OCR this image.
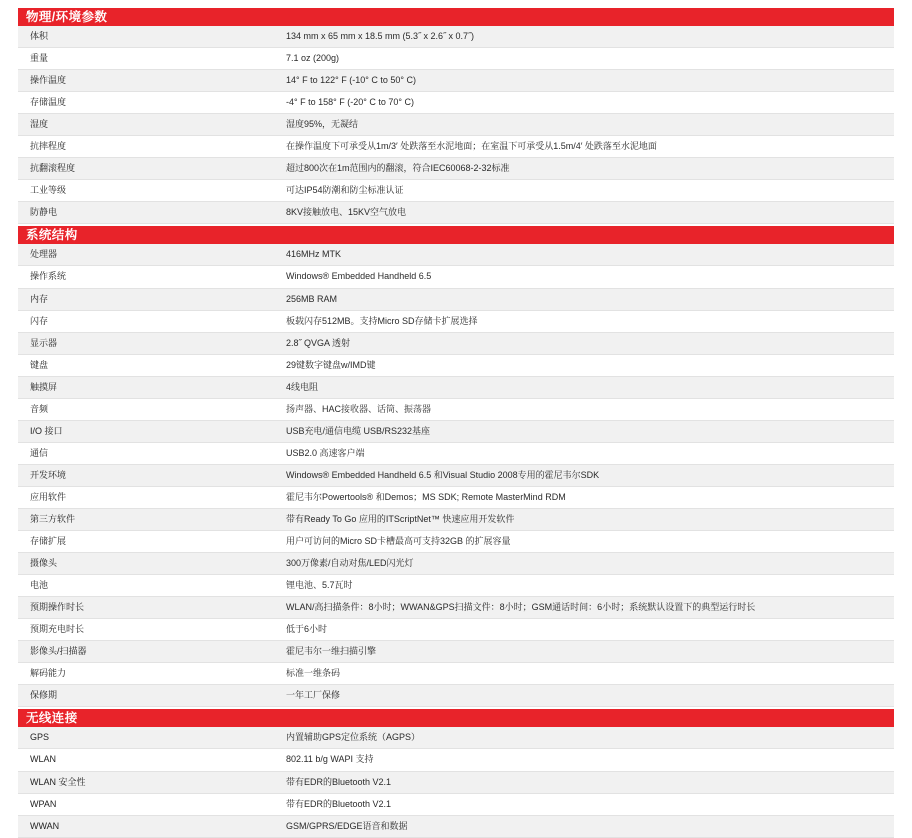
物理/环境参数
体积	134 mm x 65 mm x 18.5 mm (5.3˝ x 2.6˝ x 0.7˝)
重量	7.1 oz (200g)
操作温度	14° F to 122° F (-10° C to 50° C)
存储温度	-4° F to 158° F (-20° C to 70° C)
湿度	湿度95%，无凝结
抗摔程度	在操作温度下可承受从1m/3′ 处跌落至水泥地面；在室温下可承受从1.5m/4′ 处跌落至水泥地面
抗翻滚程度	超过800次在1m范围内的翻滚，符合IEC60068-2-32标准
工业等级	可达IP54防潮和防尘标准认证
防静电	8KV接触放电、15KV空气放电
系统结构
处理器	416MHz MTK
操作系统	Windows® Embedded Handheld 6.5
内存	256MB RAM
闪存	板载闪存512MB。支持Micro SD存储卡扩展选择
显示器	2.8˝ QVGA 透射
键盘	29键数字键盘w/IMD键
触摸屏	4线电阻
音频	扬声器、HAC接收器、话筒、振荡器
I/O 接口	USB充电/通信电缆 USB/RS232基座
通信	USB2.0 高速客户端
开发环境	Windows® Embedded Handheld 6.5 和Visual Studio 2008专用的霍尼韦尔SDK
应用软件	霍尼韦尔Powertools® 和Demos；MS SDK; Remote MasterMind RDM
第三方软件	带有Ready To Go 应用的ITScriptNet™ 快速应用开发软件
存储扩展	用户可访问的Micro SD卡槽最高可支持32GB 的扩展容量
摄像头	300万像素/自动对焦/LED闪光灯
电池	锂电池、5.7瓦时
预期操作时长	WLAN/高扫描条件：8小时；WWAN&GPS扫描文件：8小时；GSM通话时间：6小时；系统默认设置下的典型运行时长
预期充电时长	低于6小时
影像头/扫描器	霍尼韦尔一维扫描引擎
解码能力	标准一维条码
保修期	一年工厂保修
无线连接
GPS	内置辅助GPS定位系统（AGPS）
WLAN	802.11 b/g WAPI 支持
WLAN 安全性	带有EDR的Bluetooth V2.1
WPAN	带有EDR的Bluetooth V2.1
WWAN	GSM/GPRS/EDGE语音和数据
